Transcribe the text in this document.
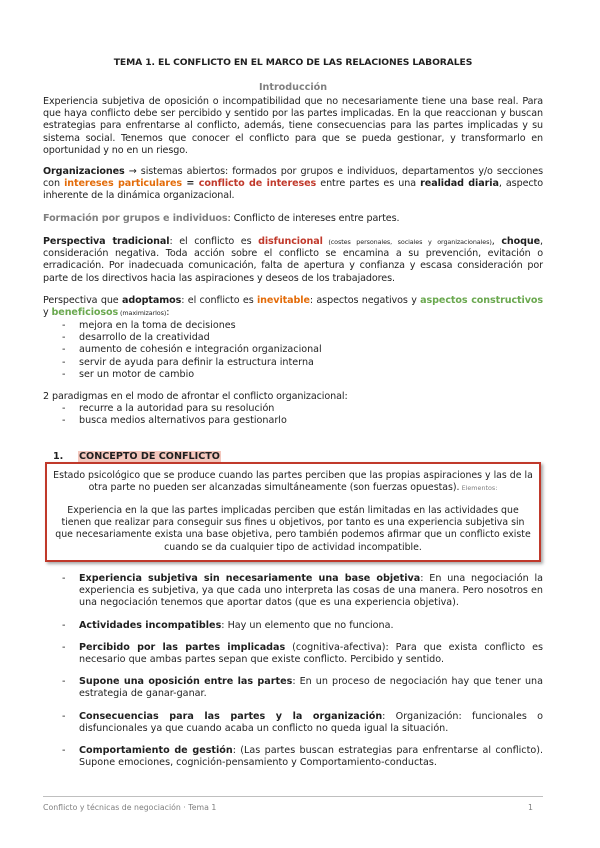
TEMA 1. EL CONFLICTO EN EL MARCO DE LAS RELACIONES LABORALES
Introducción

Experiencia subjetiva de oposición o incompatibilidad que no necesariamente tiene una base real. Para que haya conflicto debe ser percibido y sentido por las partes implicadas. En la que reaccionan y buscan estrategias para enfrentarse al conflicto, además, tiene consecuencias para las partes implicadas y su sistema social. Tenemos que conocer el conflicto para que se pueda gestionar, y transformarlo en oportunidad y no en un riesgo.

Organizaciones → sistemas abiertos: formados por grupos e individuos, departamentos y/o secciones con intereses particulares = conflicto de intereses entre partes es una realidad diaria, aspecto inherente de la dinámica organizacional.

Formación por grupos e individuos: Conflicto de intereses entre partes.

Perspectiva tradicional: el conflicto es disfuncional (costes personales, sociales y organizacionales), choque, consideración negativa. Toda acción sobre el conflicto se encamina a su prevención, evitación o erradicación. Por inadecuada comunicación, falta de apertura y confianza y escasa consideración por parte de los directivos hacia las aspiraciones y deseos de los trabajadores.

Perspectiva que adoptamos: el conflicto es inevitable: aspectos negativos y aspectos constructivos y beneficiosos (maximizarlos):

- mejora en la toma de decisiones
- desarrollo de la creatividad
- aumento de cohesión e integración organizacional
- servir de ayuda para definir la estructura interna
- ser un motor de cambio

2 paradigmas en el modo de afrontar el conflicto organizacional:

- recurre a la autoridad para su resolución
- busca medios alternativos para gestionarlo
1. CONCEPTO DE CONFLICTO

Estado psicológico que se produce cuando las partes perciben que las propias aspiraciones y las de la otra parte no pueden ser alcanzadas simultáneamente (son fuerzas opuestas). Elementos:

Experiencia en la que las partes implicadas perciben que están limitadas en las actividades que tienen que realizar para conseguir sus fines u objetivos, por tanto es una experiencia subjetiva sin que necesariamente exista una base objetiva, pero también podemos afirmar que un conflicto existe cuando se da cualquier tipo de actividad incompatible.

- Experiencia subjetiva sin necesariamente una base objetiva: En una negociación la experiencia es subjetiva, ya que cada uno interpreta las cosas de una manera. Pero nosotros en una negociación tenemos que aportar datos (que es una experiencia objetiva).
- Actividades incompatibles: Hay un elemento que no funciona.
- Percibido por las partes implicadas (cognitiva-afectiva): Para que exista conflicto es necesario que ambas partes sepan que existe conflicto. Percibido y sentido.
- Supone una oposición entre las partes: En un proceso de negociación hay que tener una estrategia de ganar-ganar.
- Consecuencias para las partes y la organización: Organización: funcionales o disfuncionales ya que cuando acaba un conflicto no queda igual la situación.
- Comportamiento de gestión: (Las partes buscan estrategias para enfrentarse al conflicto). Supone emociones, cognición-pensamiento y Comportamiento-conductas.
Conflicto y técnicas de negociación · Tema 1	1
